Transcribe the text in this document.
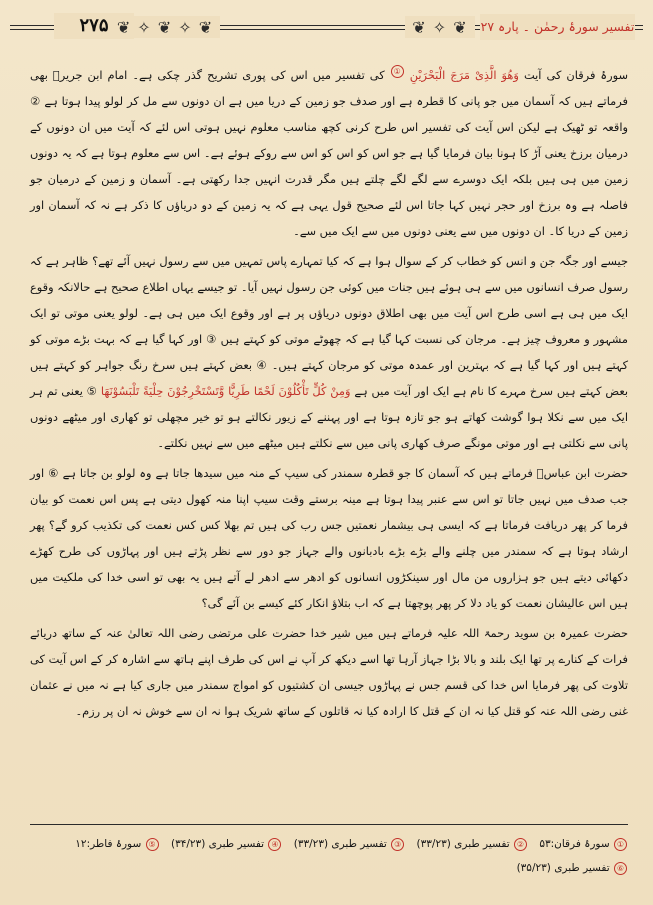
۲۷۵ ❦ ✧ ❦ ✧ ❦	❦ ✧ ❦	تفسیر سورۂ رحمٰن ۔ پارہ ۲۷

سورۂ فرقان کی آیت وَهُوَ الَّذِیْ مَرَجَ الْبَحْرَیْنِ ① کی تفسیر میں اس کی پوری تشریح گذر چکی ہے۔ امام ابن جریرؒ بھی فرماتے ہیں کہ آسمان میں جو پانی کا قطرہ ہے اور صدف جو زمین کے دریا میں ہے ان دونوں سے مل کر لولو پیدا ہوتا ہے ② واقعہ تو ٹھیک ہے لیکن اس آیت کی تفسیر اس طرح کرنی کچھ مناسب معلوم نہیں ہوتی اس لئے کہ آیت میں ان دونوں کے درمیان برزخ یعنی آڑ کا ہونا بیان فرمایا گیا ہے جو اس کو اس کو اس سے روکے ہوئے ہے۔ اس سے معلوم ہوتا ہے کہ یہ دونوں زمین میں ہی ہیں بلکہ ایک دوسرے سے لگے لگے چلتے ہیں مگر قدرت انہیں جدا رکھتی ہے۔ آسمان و زمین کے درمیان جو فاصلہ ہے وہ برزخ اور حجر نہیں کہا جاتا اس لئے صحیح قول یہی ہے کہ یہ زمین کے دو دریاؤں کا ذکر ہے نہ کہ آسمان اور زمین کے دریا کا۔ ان دونوں میں سے یعنی دونوں میں سے ایک میں سے۔

جیسے اور جگہ جن و انس کو خطاب کر کے سوال ہوا ہے کہ کیا تمہارے پاس تمہیں میں سے رسول نہیں آئے تھے؟ ظاہر ہے کہ رسول صرف انسانوں میں سے ہی ہوئے ہیں جنات میں کوئی جن رسول نہیں آیا۔ تو جیسے یہاں اطلاع صحیح ہے حالانکہ وقوع ایک میں ہی ہے اسی طرح اس آیت میں بھی اطلاق دونوں دریاؤں پر ہے اور وقوع ایک میں ہی ہے۔ لولو یعنی موتی تو ایک مشہور و معروف چیز ہے۔ مرجان کی نسبت کہا گیا ہے کہ چھوٹے موتی کو کہتے ہیں ③ اور کہا گیا ہے کہ بہت بڑے موتی کو کہتے ہیں اور کہا گیا ہے کہ بہترین اور عمدہ موتی کو مرجان کہتے ہیں۔ ④ بعض کہتے ہیں سرخ رنگ جواہر کو کہتے ہیں بعض کہتے ہیں سرخ مہرے کا نام ہے ایک اور آیت میں ہے وَمِنْ كُلٍّ تَأْكُلُوْنَ لَحْمًا طَرِیًّا وَّتَسْتَخْرِجُوْنَ حِلْیَةً تَلْبَسُوْنَهَا ⑤ یعنی تم ہر ایک میں سے نکلا ہوا گوشت کھاتے ہو جو تازہ ہوتا ہے اور پہننے کے زیور نکالتے ہو تو خیر مچھلی تو کھاری اور میٹھے دونوں پانی سے نکلتی ہے اور موتی مونگے صرف کھاری پانی میں سے نکلتے ہیں میٹھے میں سے نہیں نکلتے۔

حضرت ابن عباسؓ فرماتے ہیں کہ آسمان کا جو قطرہ سمندر کی سیپ کے منہ میں سیدھا جاتا ہے وہ لولو بن جاتا ہے ⑥ اور جب صدف میں نہیں جاتا تو اس سے عنبر پیدا ہوتا ہے مینہ برستے وقت سیپ اپنا منہ کھول دیتی ہے پس اس نعمت کو بیان فرما کر پھر دریافت فرماتا ہے کہ ایسی ہی بیشمار نعمتیں جس رب کی ہیں تم بھلا کس کس نعمت کی تکذیب کرو گے؟ پھر ارشاد ہوتا ہے کہ سمندر میں چلنے والے بڑے بڑے بادبانوں والے جہاز جو دور سے نظر پڑتے ہیں اور پہاڑوں کی طرح کھڑے دکھائی دیتے ہیں جو ہزاروں من مال اور سینکڑوں انسانوں کو ادھر سے ادھر لے آتے ہیں یہ بھی تو اسی خدا کی ملکیت میں ہیں اس عالیشان نعمت کو یاد دلا کر پھر پوچھتا ہے کہ اب بتلاؤ انکار کئے کیسے بن آئے گی؟

حضرت عمیرہ بن سوید رحمۃ اللہ علیہ فرماتے ہیں میں شیر خدا حضرت علی مرتضی رضی اللہ تعالیٰ عنہ کے ساتھ دریائے فرات کے کنارے پر تھا ایک بلند و بالا بڑا جہاز آرہا تھا اسے دیکھ کر آپ نے اس کی طرف اپنے ہاتھ سے اشارہ کر کے اس آیت کی تلاوت کی پھر فرمایا اس خدا کی قسم جس نے پہاڑوں جیسی ان کشتیوں کو امواج سمندر میں جاری کیا ہے نہ میں نے عثمان غنی رضی اللہ عنہ کو قتل کیا نہ ان کے قتل کا ارادہ کیا نہ قاتلوں کے ساتھ شریک ہوا نہ ان سے خوش نہ ان پر رزم۔

① سورۂ فرقان:۵۳ ② تفسیر طبری (۳۳/۲۳) ③ تفسیر طبری (۳۳/۲۳) ④ تفسیر طبری (۳۴/۲۳) ⑤ سورۂ فاطر:۱۲ ⑥ تفسیر طبری (۳۵/۲۳)
